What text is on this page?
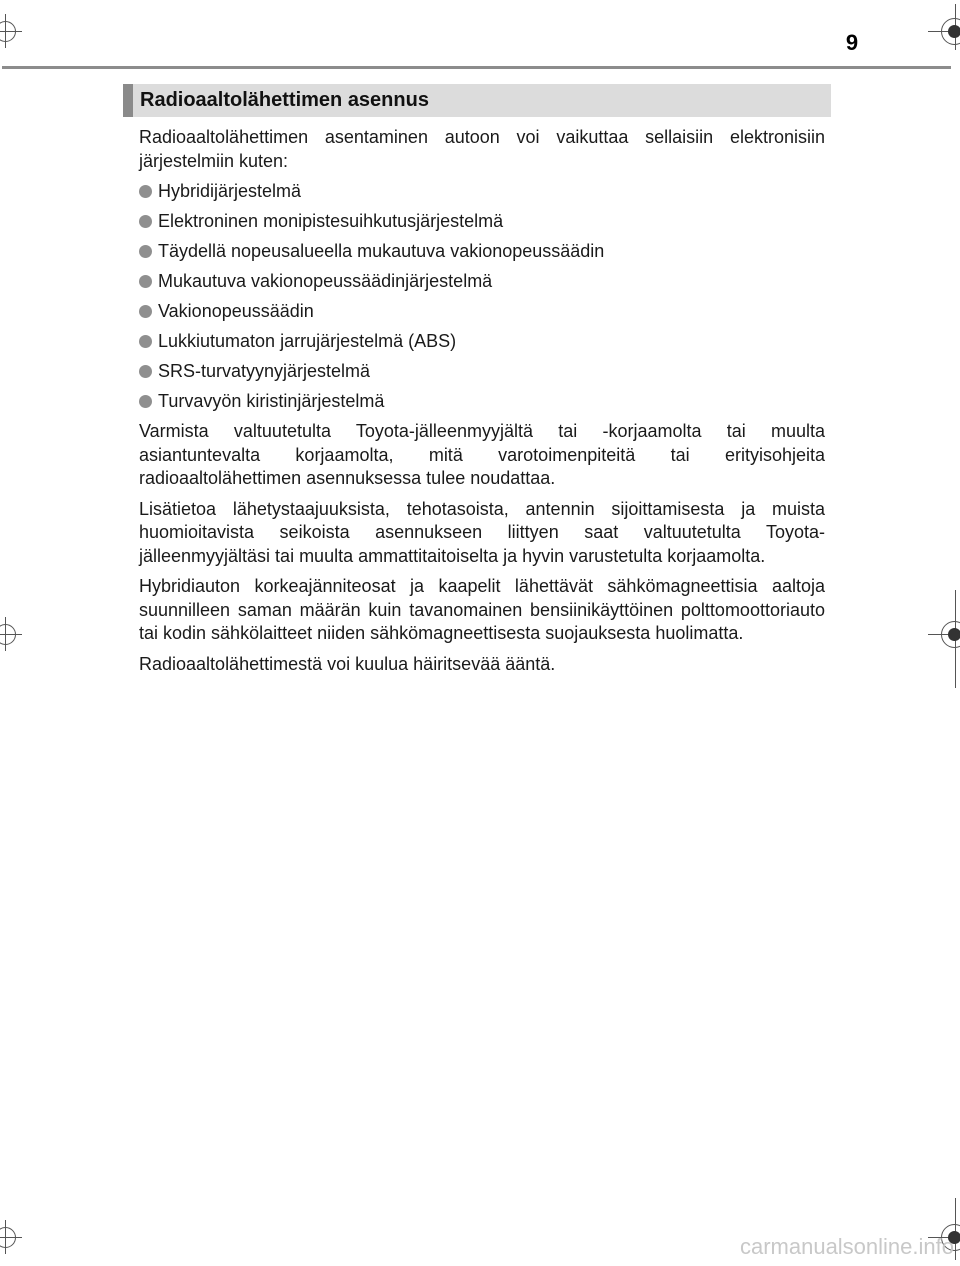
9
Radioaaltolähettimen asennus

Radioaaltolähettimen asentaminen autoon voi vaikuttaa sellaisiin elektronisiin järjestelmiin kuten:

Hybridijärjestelmä
Elektroninen monipistesuihkutusjärjestelmä
Täydellä nopeusalueella mukautuva vakionopeussäädin
Mukautuva vakionopeussäädinjärjestelmä
Vakionopeussäädin
Lukkiutumaton jarrujärjestelmä (ABS)
SRS-turvatyynyjärjestelmä
Turvavyön kiristinjärjestelmä

Varmista valtuutetulta Toyota-jälleenmyyjältä tai -korjaamolta tai muulta asiantuntevalta korjaamolta, mitä varotoimenpiteitä tai erityisohjeita radioaaltolähettimen asennuksessa tulee noudattaa.

Lisätietoa lähetystaajuuksista, tehotasoista, antennin sijoittamisesta ja muista huomioitavista seikoista asennukseen liittyen saat valtuutetulta Toyota-jälleenmyyjältäsi tai muulta ammattitaitoiselta ja hyvin varustetulta korjaamolta.

Hybridiauton korkeajänniteosat ja kaapelit lähettävät sähkömagneettisia aaltoja suunnilleen saman määrän kuin tavanomainen bensiinikäyttöinen polttomoottoriauto tai kodin sähkölaitteet niiden sähkömagneettisesta suojauksesta huolimatta.

Radioaaltolähettimestä voi kuulua häiritsevää ääntä.

carmanualsonline.info
